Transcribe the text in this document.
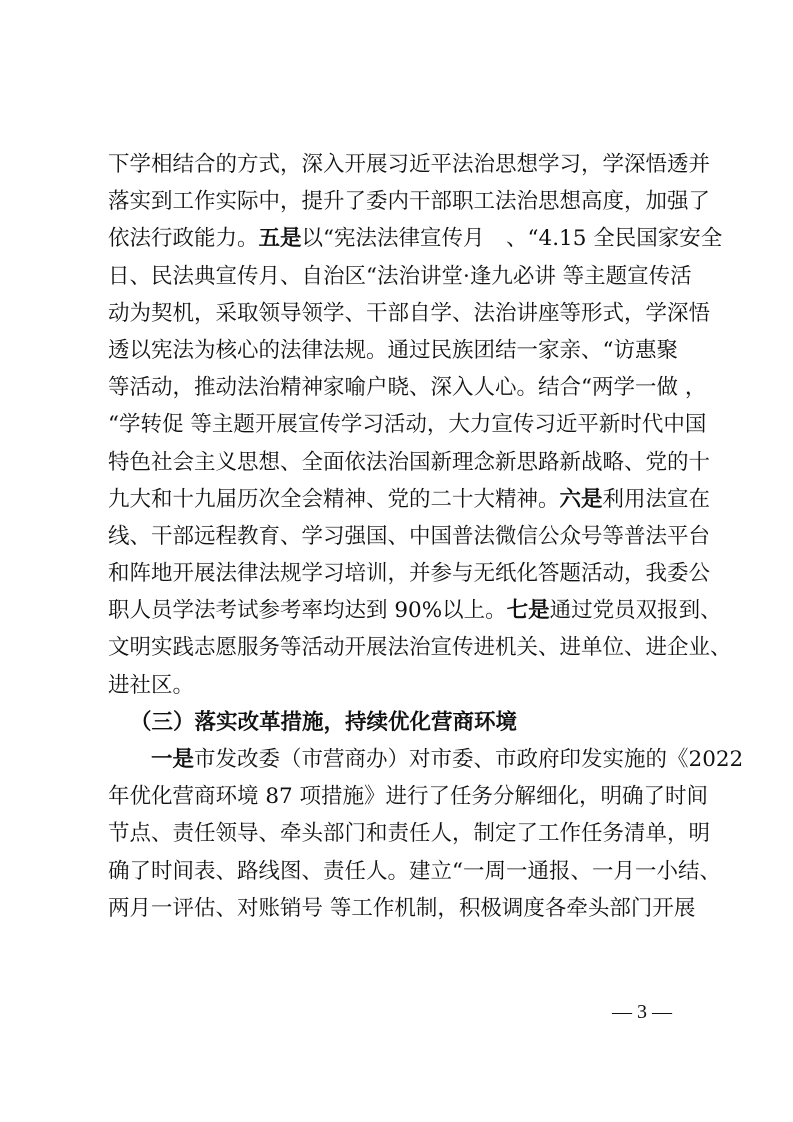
下学相结合的方式，深入开展习近平法治思想学习，学深悟透并
落实到工作实际中，提升了委内干部职工法治思想高度，加强了
依法行政能力。五是以“宪法法律宣传月　、“4.15 全民国家安全
日、民法典宣传月、自治区“法治讲堂·逢九必讲 等主题宣传活
动为契机，采取领导领学、干部自学、法治讲座等形式，学深悟
透以宪法为核心的法律法规。通过民族团结一家亲、“访惠聚
等活动，推动法治精神家喻户晓、深入人心。结合“两学一做 ，
“学转促 等主题开展宣传学习活动，大力宣传习近平新时代中国
特色社会主义思想、全面依法治国新理念新思路新战略、党的十
九大和十九届历次全会精神、党的二十大精神。六是利用法宣在
线、干部远程教育、学习强国、中国普法微信公众号等普法平台
和阵地开展法律法规学习培训，并参与无纸化答题活动，我委公
职人员学法考试参考率均达到 90%以上。七是通过党员双报到、
文明实践志愿服务等活动开展法治宣传进机关、进单位、进企业、
进社区。
（三）落实改革措施，持续优化营商环境
一是市发改委（市营商办）对市委、市政府印发实施的《2022
年优化营商环境 87 项措施》进行了任务分解细化，明确了时间
节点、责任领导、牵头部门和责任人，制定了工作任务清单，明
确了时间表、路线图、责任人。建立“一周一通报、一月一小结、
两月一评估、对账销号 等工作机制，积极调度各牵头部门开展
— 3 —
